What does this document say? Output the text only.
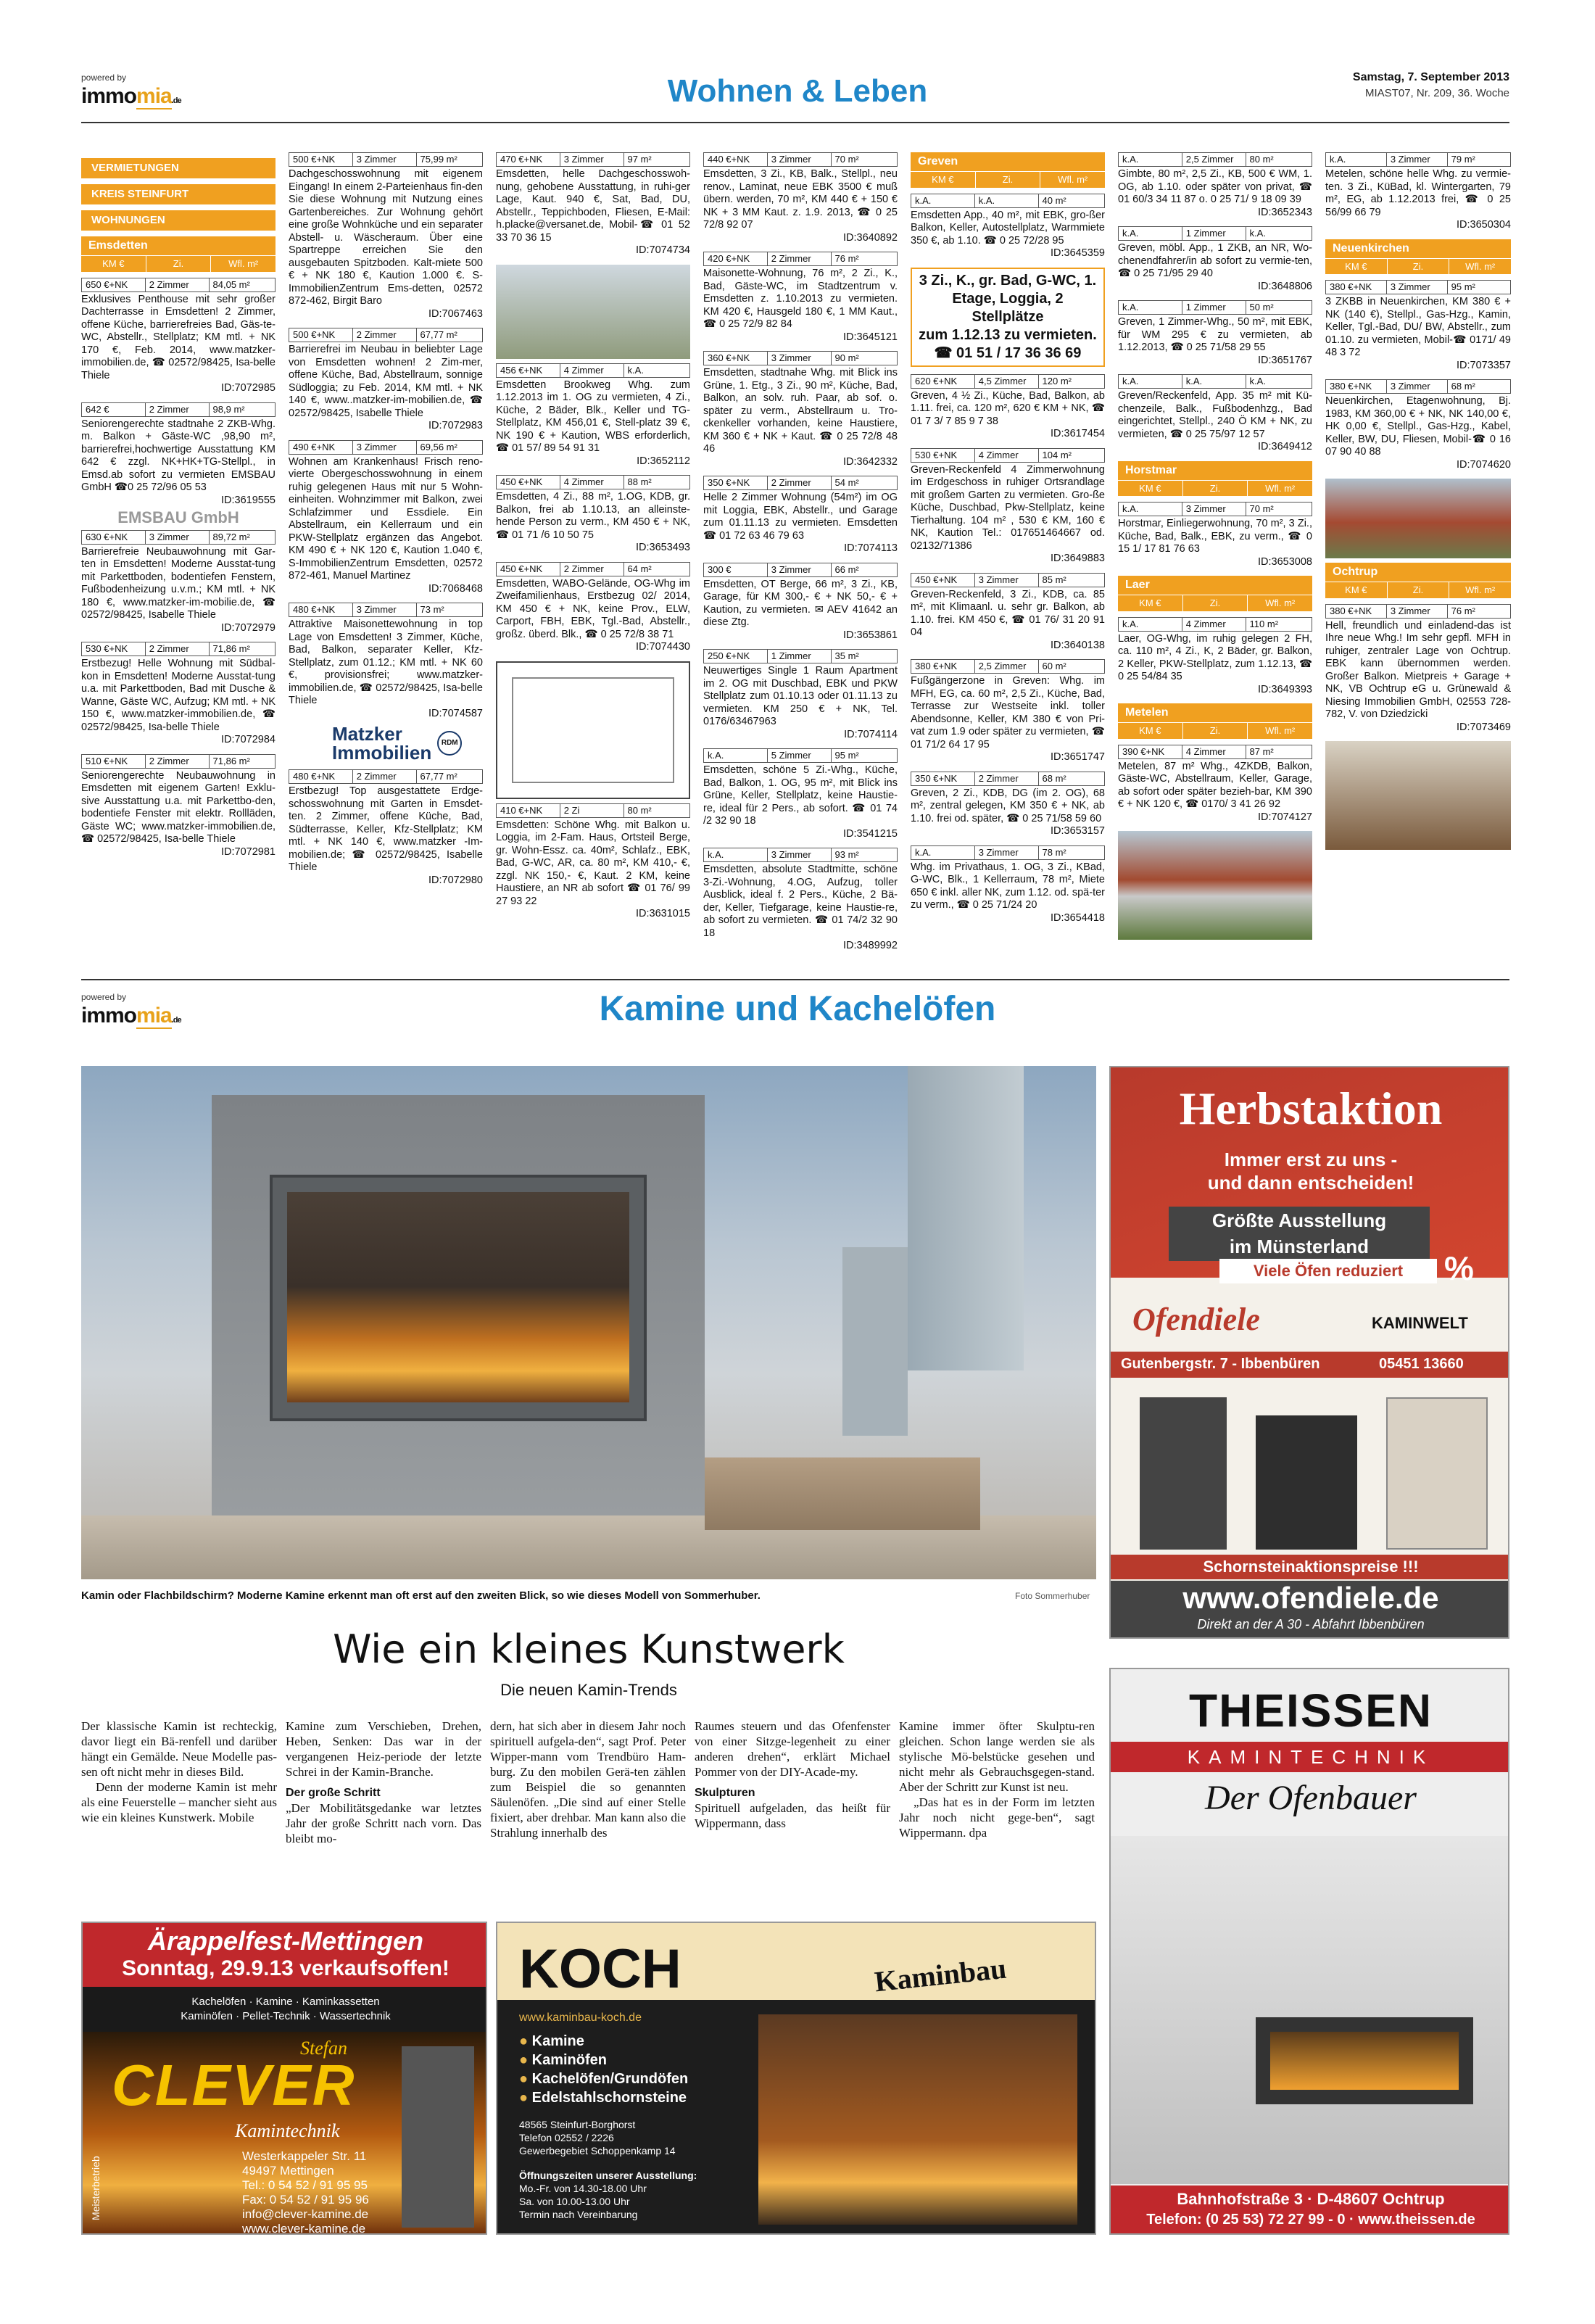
powered by
immomia.de	Wohnen & Leben	Samstag, 7. September 2013
MIAST07, Nr. 209, 36. Woche
VERMIETUNGEN
KREIS STEINFURT
WOHNUNGEN
Emsdetten
KM €	Zi.	Wfl. m²
650 €+NK	2 Zimmer	84,05 m²

Exklusives Penthouse mit sehr großer Dachterrasse in Emsdetten! 2 Zimmer, offene Küche, barrierefreies Bad, Gäs-te-WC, Abstellr., Stellplatz; KM mtl. + NK 170 €, Feb. 2014, www.matzker-immobilien.de, ☎ 02572/98425, Isa-belle Thiele

ID:7072985
642 €	2 Zimmer	98,9 m²

Seniorengerechte stadtnahe 2 ZKB-Whg. m. Balkon + Gäste-WC ,98,90 m², barrierefrei,hochwertige Ausstattung KM 642 € zzgl. NK+HK+TG-Stellpl., in Emsd.ab sofort zu vermieten EMSBAU GmbH ☎0 25 72/96 05 53

ID:3619555
EMSBAU GmbH
630 €+NK	3 Zimmer	89,72 m²

Barrierefreie Neubauwohnung mit Gar-ten in Emsdetten! Moderne Ausstat-tung mit Parkettboden, bodentiefen Fenstern, Fußbodenheizung u.v.m.; KM mtl. + NK 180 €, www.matzker-im-mobilie.de, ☎ 02572/98425, Isabelle Thiele

ID:7072979
530 €+NK	2 Zimmer	71,86 m²

Erstbezug! Helle Wohnung mit Südbal-kon in Emsdetten! Moderne Ausstat-tung u.a. mit Parkettboden, Bad mit Dusche & Wanne, Gäste WC, Aufzug; KM mtl. + NK 150 €, www.matzker-immobilien.de, ☎ 02572/98425, Isa-belle Thiele

ID:7072984
510 €+NK	2 Zimmer	71,86 m²

Seniorengerechte Neubauwohnung in Emsdetten mit eigenem Garten! Exklu-sive Ausstattung u.a. mit Parkettbo-den, bodentiefe Fenster mit elektr. Rollläden, Gäste WC; www.matzker-immobilien.de, ☎ 02572/98425, Isa-belle Thiele

ID:7072981
500 €+NK	3 Zimmer	75,99 m²

Dachgeschosswohnung mit eigenem Eingang! In einem 2-Parteienhaus fin-den Sie diese Wohnung mit Nutzung eines Gartenbereiches. Zur Wohnung gehört eine große Wohnküche und ein separater Abstell- u. Wäscheraum. Über eine Spartreppe erreichen Sie den ausgebauten Spitzboden. Kalt-miete 500 € + NK 180 €, Kaution 1.000 €. S-ImmobilienZentrum Ems-detten, 02572 872-462, Birgit Baro

ID:7067463
500 €+NK	2 Zimmer	67,77 m²

Barrierefrei im Neubau in beliebter Lage von Emsdetten wohnen! 2 Zim-mer, offene Küche, Bad, Abstellraum, sonnige Südloggia; zu Feb. 2014, KM mtl. + NK 140 €, www..matzker-im-mobilien.de, ☎ 02572/98425, Isabelle Thiele

ID:7072983
490 €+NK	3 Zimmer	69,56 m²

Wohnen am Krankenhaus! Frisch reno-vierte Obergeschosswohnung in einem ruhig gelegenen Haus mit nur 5 Wohn-einheiten. Wohnzimmer mit Balkon, zwei Schlafzimmer und Essdiele. Ein Abstellraum, ein Kellerraum und ein PKW-Stellplatz ergänzen das Angebot. KM 490 € + NK 120 €, Kaution 1.040 €, S-ImmobilienZentrum Emsdetten, 02572 872-461, Manuel Martinez

ID:7068468
480 €+NK	3 Zimmer	73 m²

Attraktive Maisonettewohnung in top Lage von Emsdetten! 3 Zimmer, Küche, Bad, Balkon, separater Keller, Kfz-Stellplatz, zum 01.12.; KM mtl. + NK 60 €, provisionsfrei; www.matzker-immobilien.de, ☎ 02572/98425, Isa-belle Thiele

ID:7074587
Matzker
Immobilien	RDM
480 €+NK	2 Zimmer	67,77 m²

Erstbezug! Top ausgestattete Erdge-schosswohnung mit Garten in Emsdet-ten. 2 Zimmer, offene Küche, Bad, Südterrasse, Keller, Kfz-Stellplatz; KM mtl. + NK 140 €, www.matzker -Im-mobilien.de; ☎ 02572/98425, Isabelle Thiele

ID:7072980
470 €+NK	3 Zimmer	97 m²

Emsdetten, helle Dachgeschosswoh-nung, gehobene Ausstattung, in ruhi-ger Lage, Kaut. 940 €, Sat, Bad, DU, Abstellr., Teppichboden, Fliesen, E-Mail: h.placke@versanet.de, Mobil-☎ 01 52 33 70 36 15

ID:7074734
456 €+NK	4 Zimmer	k.A.

Emsdetten Brookweg Whg. zum 1.12.2013 im 1. OG zu vermieten, 4 Zi., Küche, 2 Bäder, Blk., Keller und TG-Stellplatz, KM 456,01 €, Stell-platz 39 €, NK 190 € + Kaution, WBS erforderlich, ☎ 01 57/ 89 54 91 31

ID:3652112
450 €+NK	4 Zimmer	88 m²

Emsdetten, 4 Zi., 88 m², 1.OG, KDB, gr. Balkon, frei ab 1.10.13, an alleinste-hende Person zu verm., KM 450 € + NK, ☎ 01 71 /6 10 50 75

ID:3653493
450 €+NK	2 Zimmer	64 m²

Emsdetten, WABO-Gelände, OG-Whg im Zweifamilienhaus, Erstbezug 02/ 2014, KM 450 € + NK, keine Prov., ELW, Carport, FBH, EBK, Tgl.-Bad, Abstellr., großz. überd. Blk., ☎ 0 25 72/8 38 71

ID:7074430
410 €+NK	2 Zi	80 m²

Emsdetten: Schöne Whg. mit Balkon u. Loggia, im 2-Fam. Haus, Ortsteil Berge, gr. Wohn-Essz. ca. 40m², Schlafz., EBK, Bad, G-WC, AR, ca. 80 m², KM 410,- €, zzgl. NK 150,- €, Kaut. 2 KM, keine Haustiere, an NR ab sofort ☎ 01 76/ 99 27 93 22

ID:3631015
440 €+NK	3 Zimmer	70 m²

Emsdetten, 3 Zi., KB, Balk., Stellpl., neu renov., Laminat, neue EBK 3500 € muß übern. werden, 70 m², KM 440 € + 150 € NK + 3 MM Kaut. z. 1.9. 2013, ☎ 0 25 72/8 92 07

ID:3640892
420 €+NK	2 Zimmer	76 m²

Maisonette-Wohnung, 76 m², 2 Zi., K., Bad, Gäste-WC, im Stadtzentrum v. Emsdetten z. 1.10.2013 zu vermieten. KM 420 €, Hausgeld 180 €, 1 MM Kaut., ☎ 0 25 72/9 82 84

ID:3645121
360 €+NK	3 Zimmer	90 m²

Emsdetten, stadtnahe Whg. mit Blick ins Grüne, 1. Etg., 3 Zi., 90 m², Küche, Bad, Balkon, an solv. ruh. Paar, ab sof. o. später zu verm., Abstellraum u. Tro-ckenkeller vorhanden, keine Haustiere, KM 360 € + NK + Kaut. ☎ 0 25 72/8 48 46

ID:3642332
350 €+NK	2 Zimmer	54 m²

Helle 2 Zimmer Wohnung (54m²) im OG mit Loggia, EBK, Abstellr., und Garage zum 01.11.13 zu vermieten. Emsdetten ☎ 01 72 63 46 79 63

ID:7074113
300 €	3 Zimmer	66 m²

Emsdetten, OT Berge, 66 m², 3 Zi., KB, Garage, für KM 300,- € + NK 50,- € + Kaution, zu vermieten. ✉ AEV 41642 an diese Ztg.

ID:3653861
250 €+NK	1 Zimmer	35 m²

Neuwertiges Single 1 Raum Apartment im 2. OG mit Duschbad, EBK und PKW Stellplatz zum 01.10.13 oder 01.11.13 zu vermieten. KM 250 € + NK, Tel. 0176/63467963

ID:7074114
k.A.	5 Zimmer	95 m²

Emsdetten, schöne 5 Zi.-Whg., Küche, Bad, Balkon, 1. OG, 95 m², mit Blick ins Grüne, Keller, Stellplatz, keine Haustie-re, ideal für 2 Pers., ab sofort. ☎ 01 74 /2 32 90 18

ID:3541215
k.A.	3 Zimmer	93 m²

Emsdetten, absolute Stadtmitte, schöne 3-Zi.-Wohnung, 4.OG, Aufzug, toller Ausblick, ideal f. 2 Pers., Küche, 2 Bä-der, Keller, Tiefgarage, keine Haustie-re, ab sofort zu vermieten. ☎ 01 74/2 32 90 18

ID:3489992
Greven
KM €	Zi.	Wfl. m²
k.A.	k.A.	40 m²

Emsdetten App., 40 m², mit EBK, gro-ßer Balkon, Keller, Autostellplatz, Warmmiete 350 €, ab 1.10. ☎ 0 25 72/28 95

ID:3645359
3 Zi., K., gr. Bad, G-WC, 1.
Etage, Loggia, 2 Stellplätze
zum 1.12.13 zu vermieten.
☎ 01 51 / 17 36 36 69
620 €+NK	4,5 Zimmer	120 m²

Greven, 4 ½ Zi., Küche, Bad, Balkon, ab 1.11. frei, ca. 120 m², 620 € KM + NK, ☎ 01 7 3/ 7 85 9 7 38

ID:3617454
530 €+NK	4 Zimmer	104 m²

Greven-Reckenfeld 4 Zimmerwohnung im Erdgeschoss in ruhiger Ortsrandlage mit großem Garten zu vermieten. Gro-ße Küche, Duschbad, Pkw-Stellplatz, keine Tierhaltung. 104 m² , 530 € KM, 160 € NK, Kaution Tel.: 017651464667 od. 02132/71386

ID:3649883
450 €+NK	3 Zimmer	85 m²

Greven-Reckenfeld, 3 Zi., KDB, ca. 85 m², mit Klimaanl. u. sehr gr. Balkon, ab 1.10. frei. KM 450 €, ☎ 01 76/ 31 20 91 04

ID:3640138
380 €+NK	2,5 Zimmer	60 m²

Fußgängerzone in Greven: Whg. im MFH, EG, ca. 60 m², 2,5 Zi., Küche, Bad, Terrasse zur Westseite inkl. toller Abendsonne, Keller, KM 380 € von Pri-vat zum 1.9 oder später zu vermieten, ☎ 01 71/2 64 17 95

ID:3651747
350 €+NK	2 Zimmer	68 m²

Greven, 2 Zi., KDB, DG (im 2. OG), 68 m², zentral gelegen, KM 350 € + NK, ab 1.10. frei od. später, ☎ 0 25 71/58 59 60

ID:3653157
k.A.	3 Zimmer	78 m²

Whg. im Privathaus, 1. OG, 3 Zi., KBad, G-WC, Blk., 1 Kellerraum, 78 m², Miete 650 € inkl. aller NK, zum 1.12. od. spä-ter zu verm., ☎ 0 25 71/24 20

ID:3654418
k.A.	2,5 Zimmer	80 m²

Gimbte, 80 m², 2,5 Zi., KB, 500 € WM, 1. OG, ab 1.10. oder später von privat, ☎ 01 60/3 34 11 87 o. 0 25 71/ 9 18 09 39

ID:3652343
k.A.	1 Zimmer	k.A.

Greven, möbl. App., 1 ZKB, an NR, Wo-chenendfahrer/in ab sofort zu vermie-ten, ☎ 0 25 71/95 29 40

ID:3648806
k.A.	1 Zimmer	50 m²

Greven, 1 Zimmer-Whg., 50 m², mit EBK, für WM 295 € zu vermieten, ab 1.12.2013, ☎ 0 25 71/58 29 55

ID:3651767
k.A.	k.A.	k.A.

Greven/Reckenfeld, App. 35 m² mit Kü-chenzeile, Balk., Fußbodenhzg., Bad eingerichtet, Stellpl., 240 Ö KM + NK, zu vermieten, ☎ 0 25 75/97 12 57

ID:3649412
Horstmar
KM €	Zi.	Wfl. m²
k.A.	3 Zimmer	70 m²

Horstmar, Einliegerwohnung, 70 m², 3 Zi., Küche, Bad, Balk., EBK, zu verm., ☎ 0 15 1/ 17 81 76 63

ID:3653008
Laer
KM €	Zi.	Wfl. m²
k.A.	4 Zimmer	110 m²

Laer, OG-Whg, im ruhig gelegen 2 FH, ca. 110 m², 4 Zi., K, 2 Bäder, gr. Balkon, 2 Keller, PKW-Stellplatz, zum 1.12.13, ☎ 0 25 54/84 35

ID:3649393
Metelen
KM €	Zi.	Wfl. m²
390 €+NK	4 Zimmer	87 m²

Metelen, 87 m² Whg., 4ZKDB, Balkon, Gäste-WC, Abstellraum, Keller, Garage, ab sofort oder später bezieh-bar, KM 390 € + NK 120 €, ☎ 0170/ 3 41 26 92

ID:7074127
k.A.	3 Zimmer	79 m²

Metelen, schöne helle Whg. zu vermie-ten. 3 Zi., KüBad, kl. Wintergarten, 79 m², EG, ab 1.12.2013 frei, ☎ 0 25 56/99 66 79

ID:3650304
Neuenkirchen
KM €	Zi.	Wfl. m²
380 €+NK	3 Zimmer	95 m²

3 ZKBB in Neuenkirchen, KM 380 € + NK (140 €), Stellpl., Gas-Hzg., Kamin, Keller, Tgl.-Bad, DU/ BW, Abstellr., zum 01.10. zu vermieten, Mobil-☎ 0171/ 49 48 3 72

ID:7073357
380 €+NK	3 Zimmer	68 m²

Neuenkirchen, Etagenwohnung, Bj. 1983, KM 360,00 € + NK, NK 140,00 €, HK 0,00 €, Stellpl., Gas-Hzg., Kabel, Keller, BW, DU, Fliesen, Mobil-☎ 0 16 07 90 40 88

ID:7074620
Ochtrup
KM €	Zi.	Wfl. m²
380 €+NK	3 Zimmer	76 m²

Hell, freundlich und einladend-das ist Ihre neue Whg.! Im sehr gepfl. MFH in ruhiger, zentraler Lage von Ochtrup. EBK kann übernommen werden. Großer Balkon. Mietpreis + Garage + NK, VB Ochtrup eG u. Grünewald & Niesing Immobilien GmbH, 02553 728-782, V. von Dziedzicki

ID:7073469
powered by
immomia.de	Kamine und Kachelöfen
Kamin oder Flachbildschirm? Moderne Kamine erkennt man oft erst auf den zweiten Blick, so wie dieses Modell von Sommerhuber.	Foto Sommerhuber
Wie ein kleines Kunstwerk
Die neuen Kamin-Trends

Der klassische Kamin ist rechteckig, davor liegt ein Bä-renfell und darüber hängt ein Gemälde. Neue Modelle pas-sen oft nicht mehr in dieses Bild.

Denn der moderne Kamin ist mehr als eine Feuerstelle – mancher sieht aus wie ein kleines Kunstwerk. Mobile

Kamine zum Verschieben, Drehen, Heben, Senken: Das war in der vergangenen Heiz-periode der letzte Schrei in der Kamin-Branche.

Der große Schritt

„Der Mobilitätsgedanke war letztes Jahr der große Schritt nach vorn. Das bleibt mo-

dern, hat sich aber in diesem Jahr noch spirituell aufgela-den“, sagt Prof. Peter Wipper-mann vom Trendbüro Ham-burg. Zu den mobilen Gerä-ten zählen zum Beispiel die so genannten Säulenöfen. „Die sind auf einer Stelle fixiert, aber drehbar. Man kann also die Strahlung innerhalb des

Raumes steuern und das Ofenfenster von einer Sitzge-legenheit zu einer anderen drehen“, erklärt Michael Pommer von der DIY-Acade-my.

Skulpturen

Spirituell aufgeladen, das heißt für Wippermann, dass

Kamine immer öfter Skulptu-ren gleichen. Schon lange werden sie als stylische Mö-belstücke gesehen und nicht mehr als Gebrauchsgegen-stand. Aber der Schritt zur Kunst ist neu.

„Das hat es in der Form im letzten Jahr noch nicht gege-ben“, sagt Wippermann. dpa

Herbstaktion
Immer erst zu uns -
und dann entscheiden!
Größte Ausstellung
im Münsterland
Viele Öfen reduziert	%
Ofendiele	KAMINWELT
Gutenbergstr. 7 - Ibbenbüren	05451 13660
Schornsteinaktionspreise !!!
www.ofendiele.de
Direkt an der A 30 - Abfahrt Ibbenbüren
THEISSEN
KAMINTECHNIK
Der Ofenbauer
Bahnhofstraße 3 · D-48607 Ochtrup
Telefon: (0 25 53) 72 27 99 - 0 · www.theissen.de
Ärappelfest-Mettingen
Sonntag, 29.9.13 verkaufsoffen!
Kachelöfen · Kamine · Kaminkassetten
Kaminöfen · Pellet-Technik · Wassertechnik
CLEVER
Stefan
Kamintechnik
Meisterbetrieb	Westerkappeler Str. 11
49497 Mettingen
Tel.: 0 54 52 / 91 95 95
Fax: 0 54 52 / 91 95 96
info@clever-kamine.de
www.clever-kamine.de
KOCH	Kaminbau
www.kaminbau-koch.de
● Kamine
● Kaminöfen
● Kachelöfen/Grundöfen
● Edelstahlschornsteine
48565 Steinfurt-Borghorst
Telefon 02552 / 2226
Gewerbegebiet Schoppenkamp 14
Öffnungszeiten unserer Ausstellung:
Mo.-Fr. von 14.30-18.00 Uhr
Sa. von 10.00-13.00 Uhr
Termin nach Vereinbarung
